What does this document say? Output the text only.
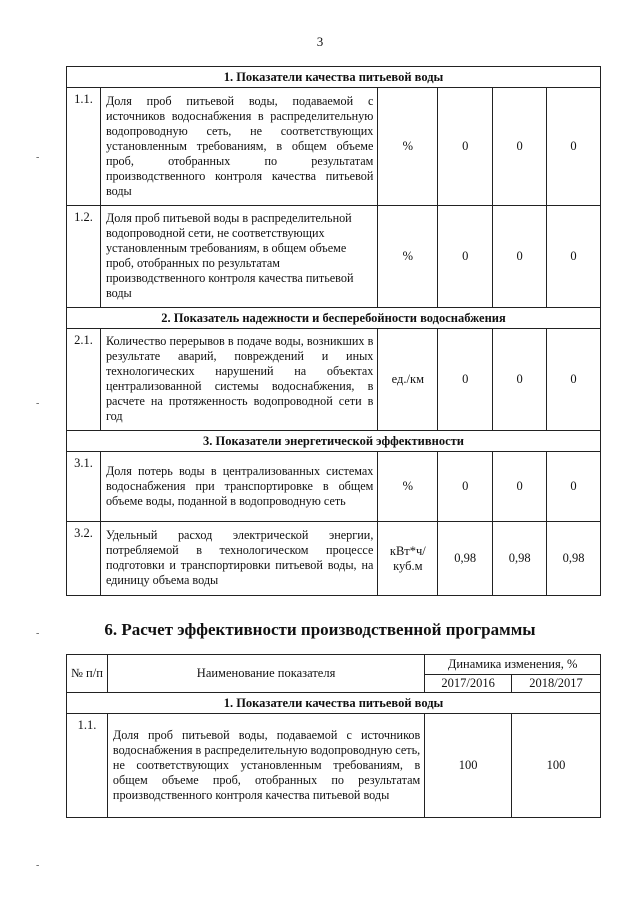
3
-
-
-
-
1. Показатели качества питьевой воды					
1.1.	Доля проб питьевой воды, подаваемой с источников водоснабжения в распределительную водопроводную сеть, не соответствующих установленным требованиям, в общем объеме проб, отобранных по результатам производственного контроля качества питьевой воды	%	0	0	0
1.2.	Доля проб питьевой воды в распределительной водопроводной сети, не соответствующих установленным требованиям, в общем объеме проб, отобранных по результатам производственного контроля качества питьевой воды	%	0	0	0
2. Показатель надежности и бесперебойности водоснабжения					
2.1.	Количество перерывов в подаче воды, возникших в результате аварий, повреждений и иных технологических нарушений на объектах централизованной системы водоснабжения, в расчете на протяженность водопроводной сети в год	ед./км	0	0	0
3. Показатели энергетической эффективности					
3.1.	Доля потерь воды в централизованных системах водоснабжения при транспортировке в общем объеме воды, поданной в водопроводную сеть	%	0	0	0
3.2.	Удельный расход электрической энергии, потребляемой в технологическом процессе подготовки и транспортировки питьевой воды, на единицу объема воды	кВт*ч/ куб.м	0,98	0,98	0,98
6. Расчет эффективности производственной программы
№ п/п	Наименование показателя	Динамика изменения, %	
		2017/2016	2018/2017
1. Показатели качества питьевой воды			
1.1.	Доля проб питьевой воды, подаваемой с источников водоснабжения в распределительную водопроводную сеть, не соответствующих установленным требованиям, в общем объеме проб, отобранных по результатам производственного контроля качества питьевой воды	100	100
